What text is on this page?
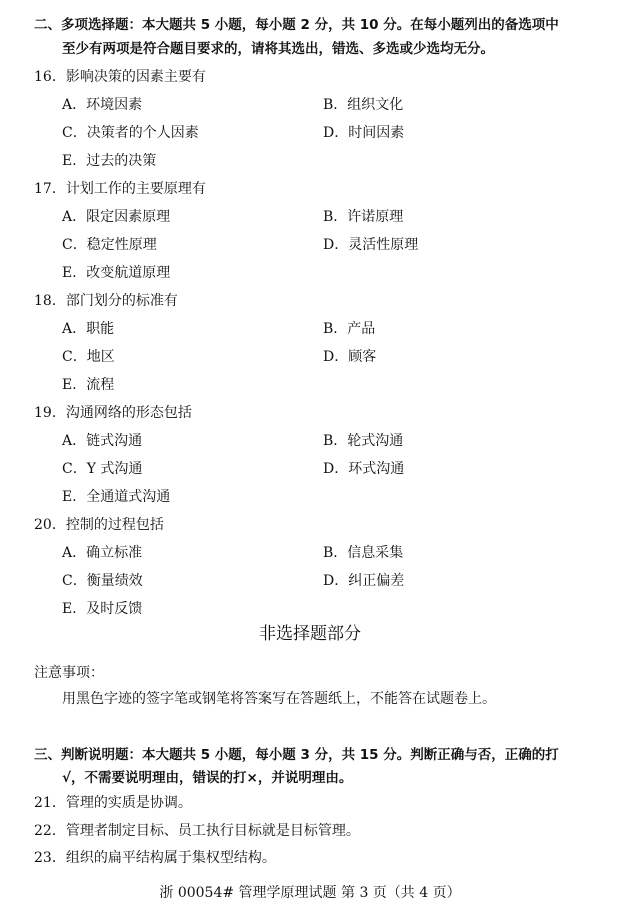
二、多项选择题：本大题共 5 小题，每小题 2 分，共 10 分。在每小题列出的备选项中
至少有两项是符合题目要求的，请将其选出，错选、多选或少选均无分。
16．影响决策的因素主要有
A．环境因素	B．组织文化
C．决策者的个人因素	D．时间因素
E．过去的决策
17．计划工作的主要原理有
A．限定因素原理	B．许诺原理
C．稳定性原理	D．灵活性原理
E．改变航道原理
18．部门划分的标准有
A．职能	B．产品
C．地区	D．顾客
E．流程
19．沟通网络的形态包括
A．链式沟通	B．轮式沟通
C．Y 式沟通	D．环式沟通
E．全通道式沟通
20．控制的过程包括
A．确立标准	B．信息采集
C．衡量绩效	D．纠正偏差
E．及时反馈
非选择题部分
注意事项：
用黑色字迹的签字笔或钢笔将答案写在答题纸上，不能答在试题卷上。
三、判断说明题：本大题共 5 小题，每小题 3 分，共 15 分。判断正确与否，正确的打
√，不需要说明理由，错误的打×，并说明理由。
21．管理的实质是协调。
22．管理者制定目标、员工执行目标就是目标管理。
23．组织的扁平结构属于集权型结构。
浙 00054# 管理学原理试题 第 3 页（共 4 页）
